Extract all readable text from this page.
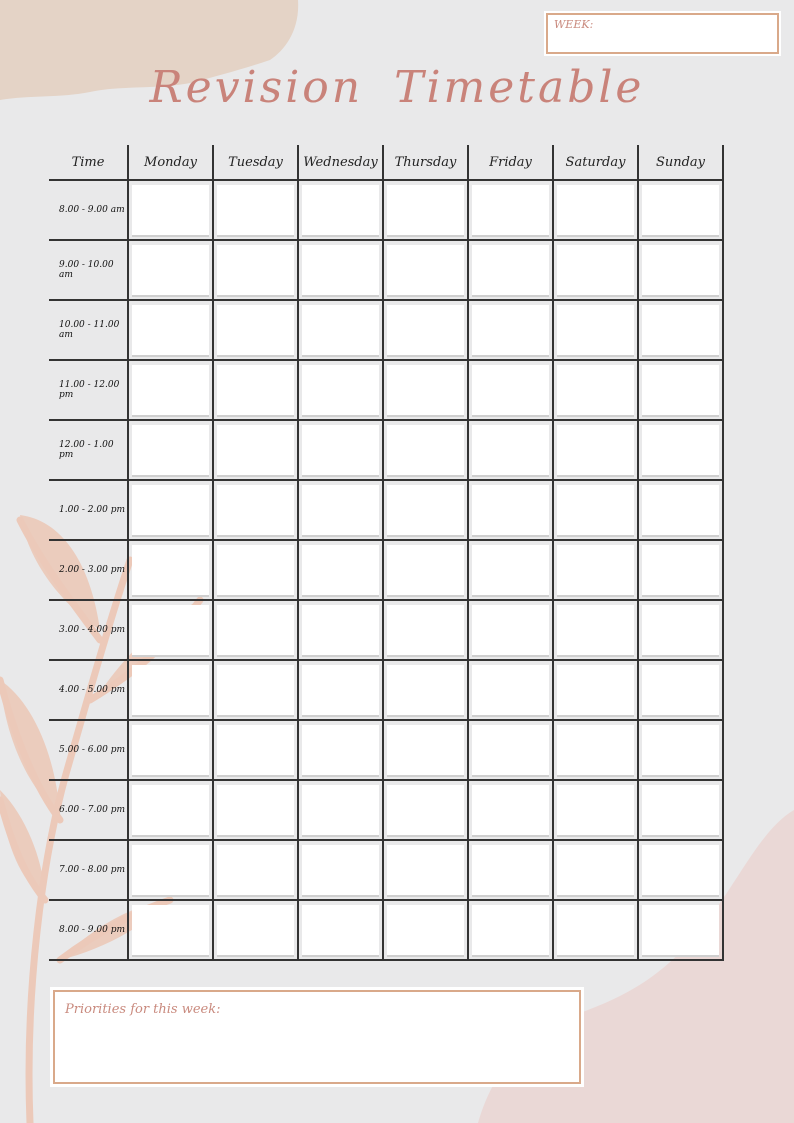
WEEK:
Revision Timetable
Time	Monday	Tuesday	Wednesday	Thursday	Friday	Saturday	Sunday
8.00 - 9.00 am	

9.00 - 10.00 am	

10.00 - 11.00 am	

11.00 - 12.00 pm	

12.00 - 1.00 pm	

1.00 - 2.00 pm	

2.00 - 3.00 pm	

3.00 - 4.00 pm	

4.00 - 5.00 pm	

5.00 - 6.00 pm	

6.00 - 7.00 pm	

7.00 - 8.00 pm	

8.00 - 9.00 pm	

Priorities for this week:
